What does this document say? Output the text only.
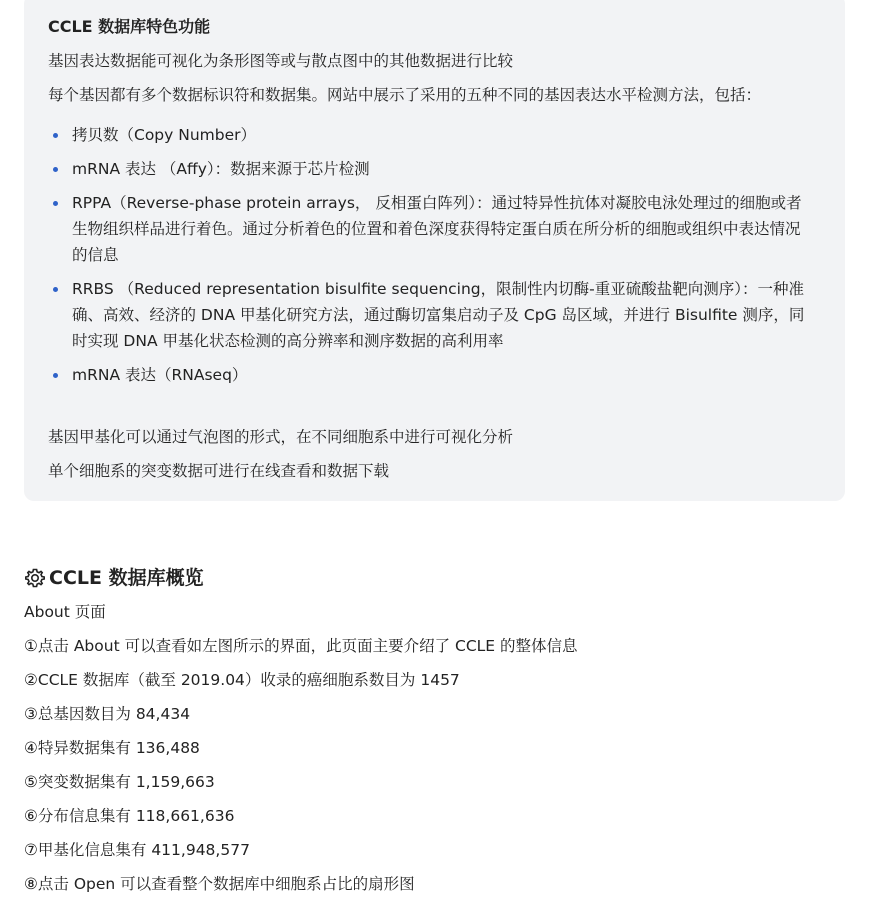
CCLE 数据库特色功能
基因表达数据能可视化为条形图等或与散点图中的其他数据进行比较
每个基因都有多个数据标识符和数据集。网站中展示了采用的五种不同的基因表达水平检测方法，包括：
拷贝数（Copy Number）
mRNA 表达 （Affy）：数据来源于芯片检测
RPPA（Reverse-phase protein arrays， 反相蛋白阵列）：通过特异性抗体对凝胶电泳处理过的细胞或者生物组织样品进行着色。通过分析着色的位置和着色深度获得特定蛋白质在所分析的细胞或组织中表达情况的信息
RRBS （Reduced representation bisulfite sequencing，限制性内切酶-重亚硫酸盐靶向测序）：一种准确、高效、经济的 DNA 甲基化研究方法，通过酶切富集启动子及 CpG 岛区域，并进行 Bisulfite 测序，同时实现 DNA 甲基化状态检测的高分辨率和测序数据的高利用率
mRNA 表达（RNAseq）
基因甲基化可以通过气泡图的形式，在不同细胞系中进行可视化分析
单个细胞系的突变数据可进行在线查看和数据下载
CCLE 数据库概览
About 页面
①点击 About 可以查看如左图所示的界面，此页面主要介绍了 CCLE 的整体信息
②CCLE 数据库（截至 2019.04）收录的癌细胞系数目为 1457
③总基因数目为 84,434
④特异数据集有 136,488
⑤突变数据集有 1,159,663
⑥分布信息集有 118,661,636
⑦甲基化信息集有 411,948,577
⑧点击 Open 可以查看整个数据库中细胞系占比的扇形图
